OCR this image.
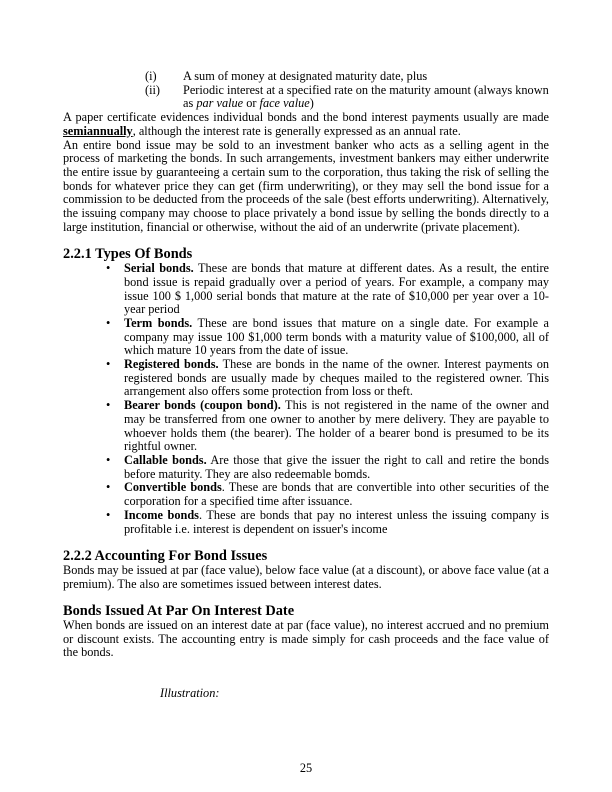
(i)	A sum of money at designated maturity date, plus
(ii)	Periodic interest at a specified rate on the maturity amount (always known as par value or face value)

A paper certificate evidences individual bonds and the bond interest payments usually are made semiannually, although the interest rate is generally expressed as an annual rate.

An entire bond issue may be sold to an investment banker who acts as a selling agent in the process of marketing the bonds. In such arrangements, investment bankers may either underwrite the entire issue by guaranteeing a certain sum to the corporation, thus taking the risk of selling the bonds for whatever price they can get (firm underwriting), or they may sell the bond issue for a commission to be deducted from the proceeds of the sale (best efforts underwriting). Alternatively, the issuing company may choose to place privately a bond issue by selling the bonds directly to a large institution, financial or otherwise, without the aid of an underwrite (private placement).

2.2.1 Types Of Bonds
• Serial bonds. These are bonds that mature at different dates. As a result, the entire bond issue is repaid gradually over a period of years. For example, a company may issue 100 $ 1,000 serial bonds that mature at the rate of $10,000 per year over a 10-year period
• Term bonds. These are bond issues that mature on a single date. For example a company may issue 100 $1,000 term bonds with a maturity value of $100,000, all of which mature 10 years from the date of issue.
• Registered bonds. These are bonds in the name of the owner. Interest payments on registered bonds are usually made by cheques mailed to the registered owner. This arrangement also offers some protection from loss or theft.
• Bearer bonds (coupon bond). This is not registered in the name of the owner and may be transferred from one owner to another by mere delivery. They are payable to whoever holds them (the bearer). The holder of a bearer bond is presumed to be its rightful owner.
• Callable bonds. Are those that give the issuer the right to call and retire the bonds before maturity. They are also redeemable bomds.
• Convertible bonds. These are bonds that are convertible into other securities of the corporation for a specified time after issuance.
• Income bonds. These are bonds that pay no interest unless the issuing company is profitable i.e. interest is dependent on issuer's income
2.2.2 Accounting For Bond Issues

Bonds may be issued at par (face value), below face value (at a discount), or above face value (at a premium). The also are sometimes issued between interest dates.

Bonds Issued At Par On Interest Date

When bonds are issued on an interest date at par (face value), no interest accrued and no premium or discount exists. The accounting entry is made simply for cash proceeds and the face value of the bonds.

Illustration:
25
